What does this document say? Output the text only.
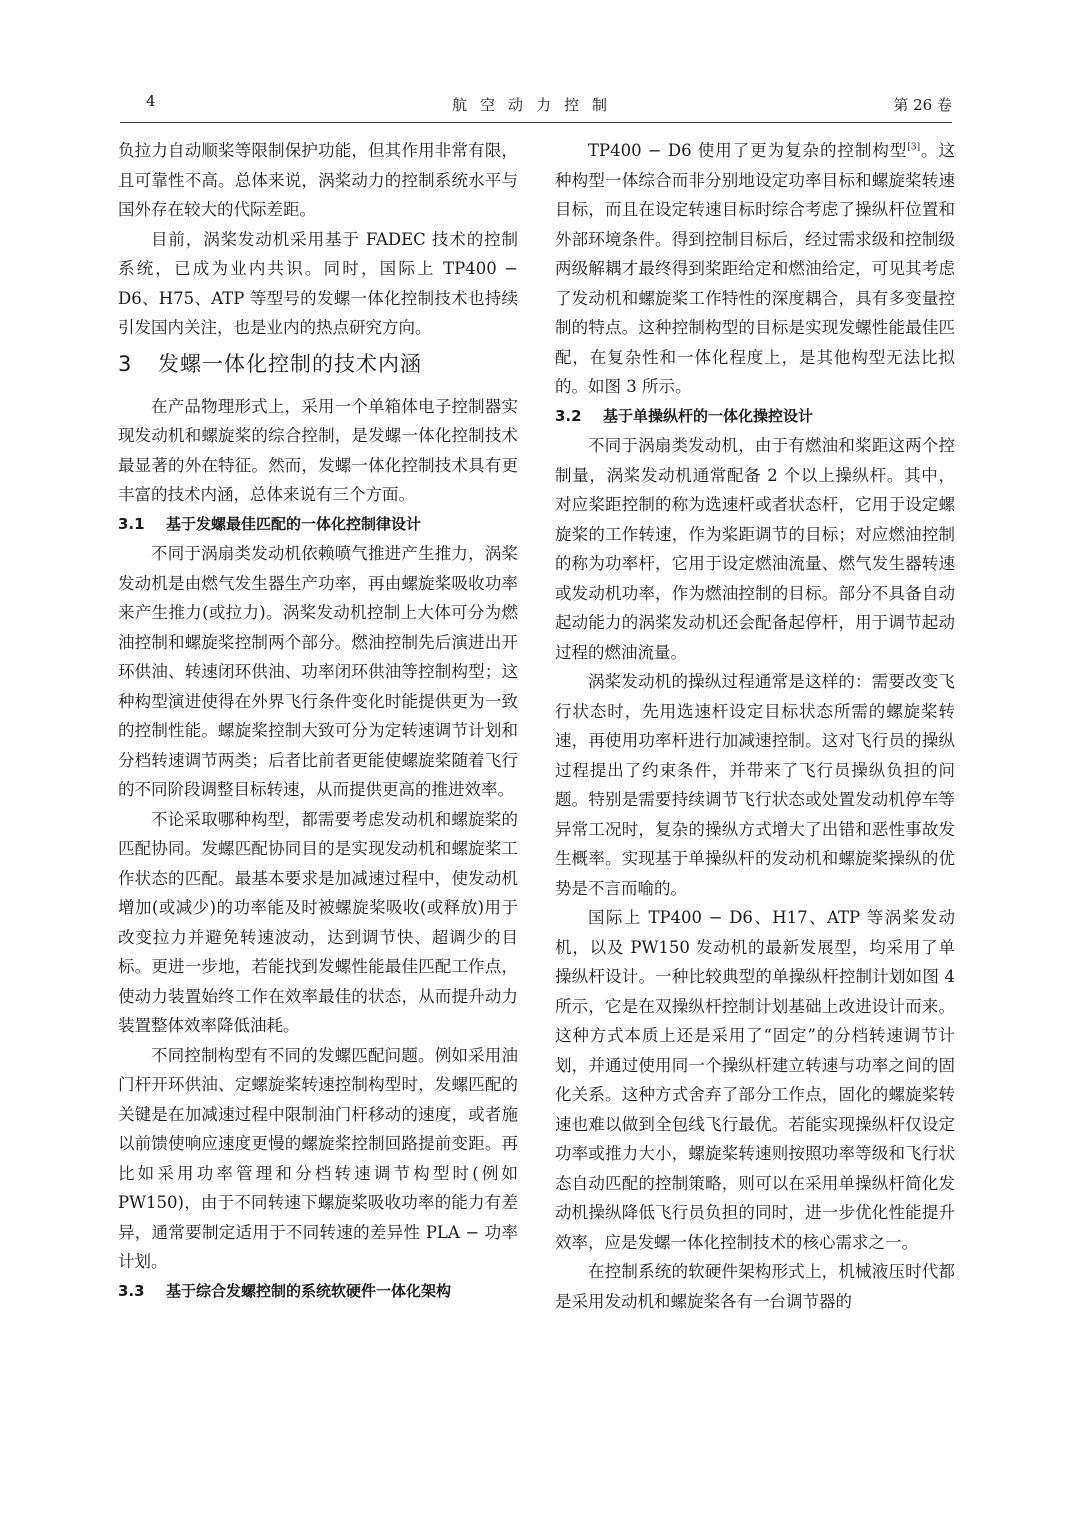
4	航空动力控制	第 26 卷

负拉力自动顺桨等限制保护功能，但其作用非常有限，且可靠性不高。总体来说，涡桨动力的控制系统水平与国外存在较大的代际差距。

目前，涡桨发动机采用基于 FADEC 技术的控制系统，已成为业内共识。同时，国际上 TP400 − D6、H75、ATP 等型号的发螺一体化控制技术也持续引发国内关注，也是业内的热点研究方向。

3 发螺一体化控制的技术内涵

在产品物理形式上，采用一个单箱体电子控制器实现发动机和螺旋桨的综合控制，是发螺一体化控制技术最显著的外在特征。然而，发螺一体化控制技术具有更丰富的技术内涵，总体来说有三个方面。

3.1 基于发螺最佳匹配的一体化控制律设计

不同于涡扇类发动机依赖喷气推进产生推力，涡桨发动机是由燃气发生器生产功率，再由螺旋桨吸收功率来产生推力(或拉力)。涡桨发动机控制上大体可分为燃油控制和螺旋桨控制两个部分。燃油控制先后演进出开环供油、转速闭环供油、功率闭环供油等控制构型；这种构型演进使得在外界飞行条件变化时能提供更为一致的控制性能。螺旋桨控制大致可分为定转速调节计划和分档转速调节两类；后者比前者更能使螺旋桨随着飞行的不同阶段调整目标转速，从而提供更高的推进效率。

不论采取哪种构型，都需要考虑发动机和螺旋桨的匹配协同。发螺匹配协同目的是实现发动机和螺旋桨工作状态的匹配。最基本要求是加减速过程中，使发动机增加(或减少)的功率能及时被螺旋桨吸收(或释放)用于改变拉力并避免转速波动，达到调节快、超调少的目标。更进一步地，若能找到发螺性能最佳匹配工作点，使动力装置始终工作在效率最佳的状态，从而提升动力装置整体效率降低油耗。

不同控制构型有不同的发螺匹配问题。例如采用油门杆开环供油、定螺旋桨转速控制构型时，发螺匹配的关键是在加减速过程中限制油门杆移动的速度，或者施以前馈使响应速度更慢的螺旋桨控制回路提前变距。再比如采用功率管理和分档转速调节构型时(例如 PW150)，由于不同转速下螺旋桨吸收功率的能力有差异，通常要制定适用于不同转速的差异性 PLA − 功率计划。

3.3 基于综合发螺控制的系统软硬件一体化架构

TP400 − D6 使用了更为复杂的控制构型[3]。这种构型一体综合而非分别地设定功率目标和螺旋桨转速目标，而且在设定转速目标时综合考虑了操纵杆位置和外部环境条件。得到控制目标后，经过需求级和控制级两级解耦才最终得到桨距给定和燃油给定，可见其考虑了发动机和螺旋桨工作特性的深度耦合，具有多变量控制的特点。这种控制构型的目标是实现发螺性能最佳匹配，在复杂性和一体化程度上，是其他构型无法比拟的。如图 3 所示。

3.2 基于单操纵杆的一体化操控设计

不同于涡扇类发动机，由于有燃油和桨距这两个控制量，涡桨发动机通常配备 2 个以上操纵杆。其中，对应桨距控制的称为选速杆或者状态杆，它用于设定螺旋桨的工作转速，作为桨距调节的目标；对应燃油控制的称为功率杆，它用于设定燃油流量、燃气发生器转速或发动机功率，作为燃油控制的目标。部分不具备自动起动能力的涡桨发动机还会配备起停杆，用于调节起动过程的燃油流量。

涡桨发动机的操纵过程通常是这样的：需要改变飞行状态时，先用选速杆设定目标状态所需的螺旋桨转速，再使用功率杆进行加减速控制。这对飞行员的操纵过程提出了约束条件，并带来了飞行员操纵负担的问题。特别是需要持续调节飞行状态或处置发动机停车等异常工况时，复杂的操纵方式增大了出错和恶性事故发生概率。实现基于单操纵杆的发动机和螺旋桨操纵的优势是不言而喻的。

国际上 TP400 − D6、H17、ATP 等涡桨发动机，以及 PW150 发动机的最新发展型，均采用了单操纵杆设计。一种比较典型的单操纵杆控制计划如图 4 所示，它是在双操纵杆控制计划基础上改进设计而来。这种方式本质上还是采用了“固定”的分档转速调节计划，并通过使用同一个操纵杆建立转速与功率之间的固化关系。这种方式舍弃了部分工作点，固化的螺旋桨转速也难以做到全包线飞行最优。若能实现操纵杆仅设定功率或推力大小，螺旋桨转速则按照功率等级和飞行状态自动匹配的控制策略，则可以在采用单操纵杆简化发动机操纵降低飞行员负担的同时，进一步优化性能提升效率，应是发螺一体化控制技术的核心需求之一。

在控制系统的软硬件架构形式上，机械液压时代都是采用发动机和螺旋桨各有一台调节器的
